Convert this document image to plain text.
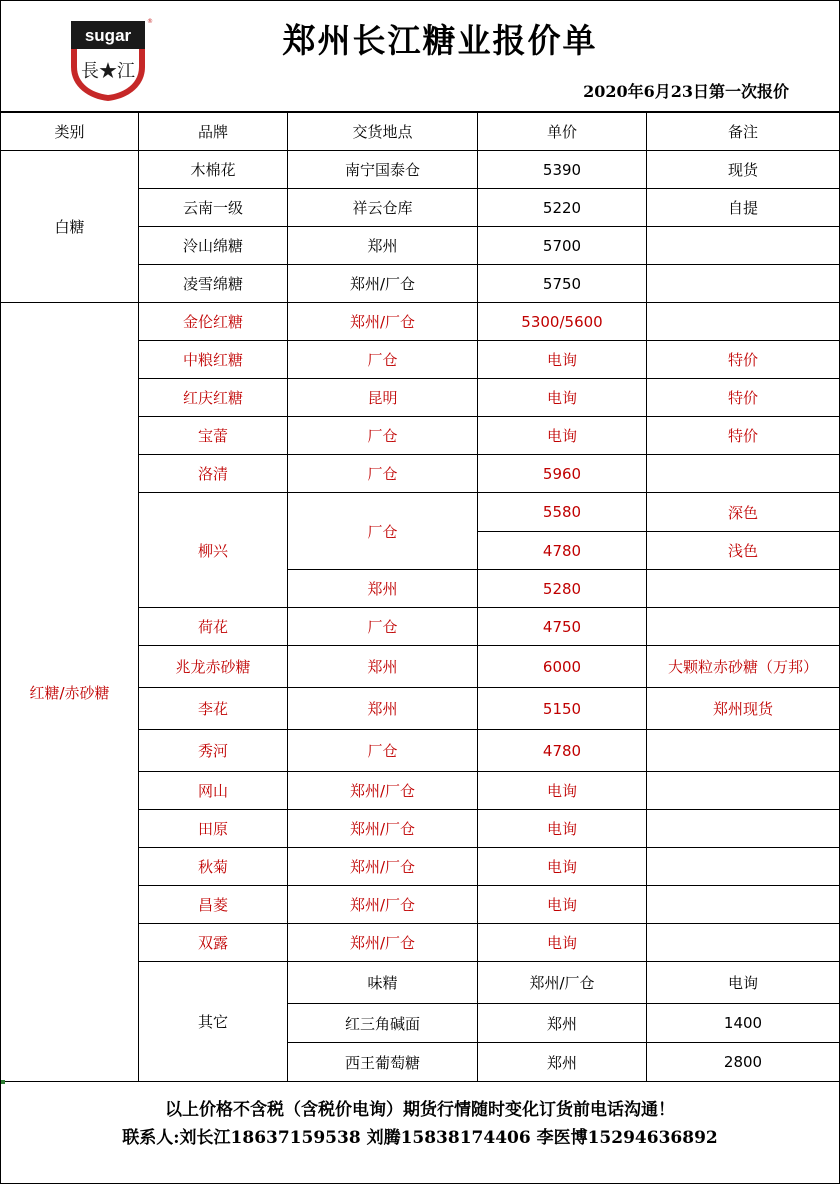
sugar
長★江
®	郑州长江糖业报价单
2020年6月23日第一次报价
类别	品牌	交货地点	单价	备注	
白糖	木棉花	南宁国泰仓	5390	现货	
	云南一级	祥云仓库	5220	自提	
	泠山绵糖	郑州	5700		
	凌雪绵糖	郑州/厂仓	5750		
红糖/赤砂糖	金伦红糖	郑州/厂仓	5300/5600		
	中粮红糖	厂仓	电询	特价	
	红庆红糖	昆明	电询	特价	
	宝蕾	厂仓	电询	特价	
	洛清	厂仓	5960		
	柳兴	厂仓	5580	深色	
			4780	浅色	
		郑州	5280		
	荷花	厂仓	4750		
	兆龙赤砂糖	郑州	6000	大颗粒赤砂糖（万邦）	
	李花	郑州	5150	郑州现货	
	秀河	厂仓	4780		
	网山	郑州/厂仓	电询		
	田原	郑州/厂仓	电询		
	秋菊	郑州/厂仓	电询		
	昌菱	郑州/厂仓	电询		
	双露	郑州/厂仓	电询		
	其它	味精	郑州/厂仓	电询	
		红三角碱面	郑州	1400	
		西王葡萄糖	郑州	2800	
以上价格不含税（含税价电询）期货行情随时变化订货前电话沟通！
联系人:刘长江18637159538 刘腾15838174406 李医博15294636892
